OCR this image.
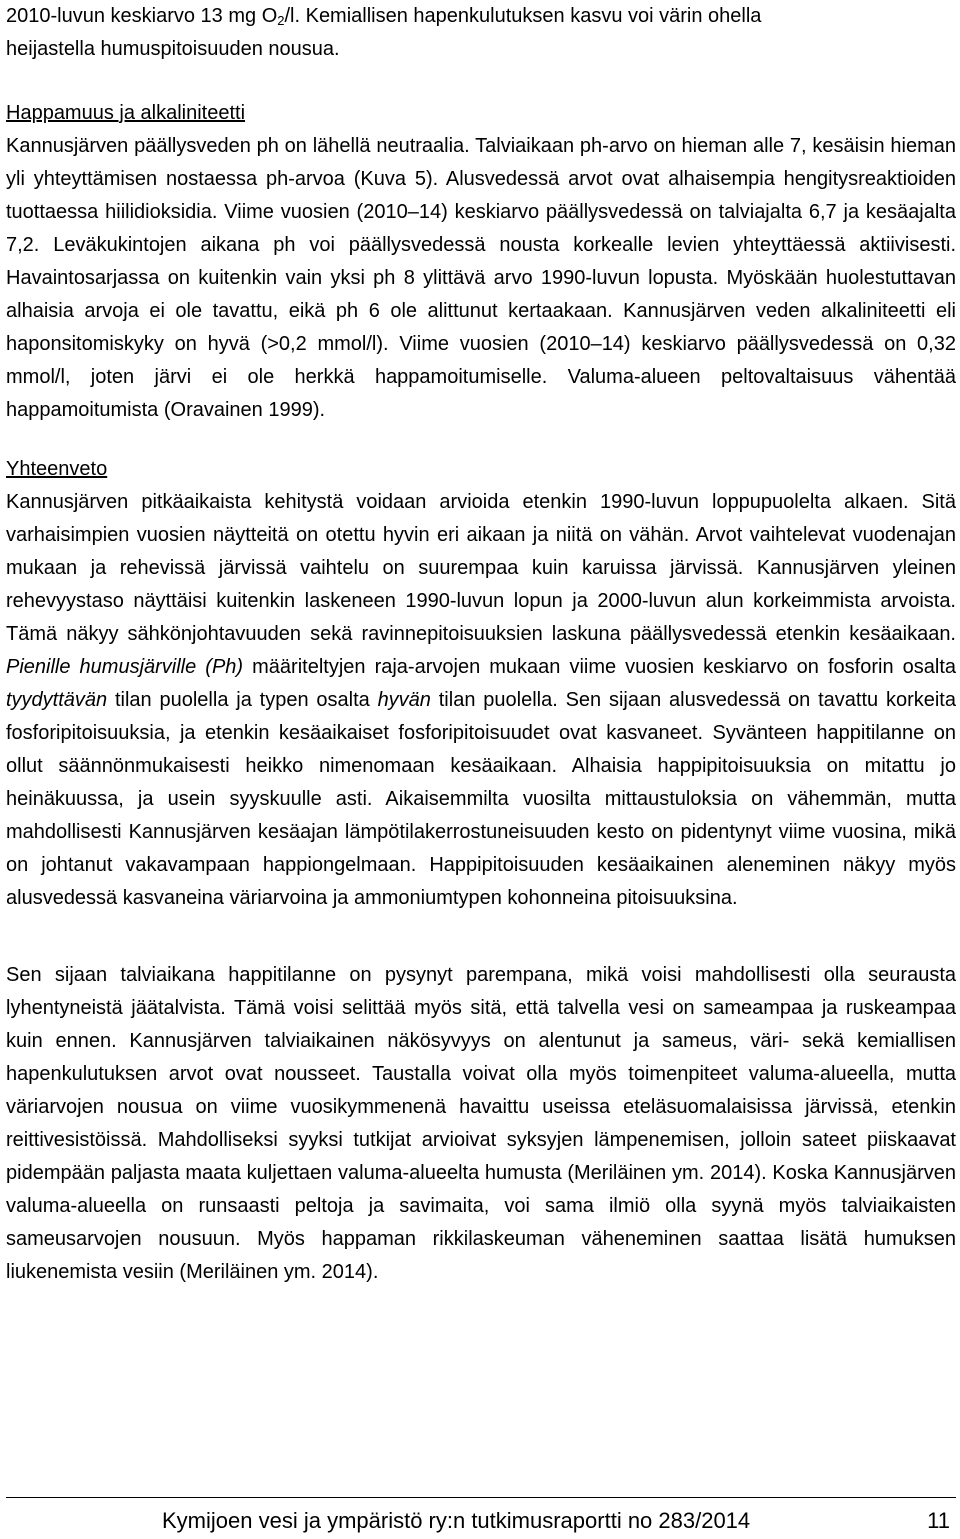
2010-luvun keskiarvo 13 mg $O_2/l$. Kemiallisen hapenkulutuksen kasvu voi värin ohella
heijastella humuspitoisuuden nousua.

Happamuus ja alkaliniteetti

Kannusjärven päällysveden ph on lähellä neutraalia. Talviaikaan ph-arvo on hieman alle 7, kesäisin hieman yli yhteyttämisen nostaessa ph-arvoa (Kuva 5). Alusvedessä arvot ovat alhaisempia hengitysreaktioiden tuottaessa hiilidioksidia. Viime vuosien (2010–14) keskiarvo päällysvedessä on talviajalta 6,7 ja kesäajalta 7,2. Leväkukintojen aikana ph voi päällysvedessä nousta korkealle levien yhteyttäessä aktiivisesti. Havaintosarjassa on kuitenkin vain yksi ph 8 ylittävä arvo 1990-luvun lopusta. Myöskään huolestuttavan alhaisia arvoja ei ole tavattu, eikä ph 6 ole alittunut kertaakaan. Kannusjärven veden alkaliniteetti eli haponsitomiskyky on hyvä (>0,2 mmol/l). Viime vuosien (2010–14) keskiarvo päällysvedessä on 0,32 mmol/l, joten järvi ei ole herkkä happamoitumiselle. Valuma-alueen peltovaltaisuus vähentää happamoitumista (Oravainen 1999).

Yhteenveto

Kannusjärven pitkäaikaista kehitystä voidaan arvioida etenkin 1990-luvun loppupuolelta alkaen. Sitä varhaisimpien vuosien näytteitä on otettu hyvin eri aikaan ja niitä on vähän. Arvot vaihtelevat vuodenajan mukaan ja rehevissä järvissä vaihtelu on suurempaa kuin karuissa järvissä. Kannusjärven yleinen rehevyystaso näyttäisi kuitenkin laskeneen 1990-luvun lopun ja 2000-luvun alun korkeimmista arvoista. Tämä näkyy sähkönjohtavuuden sekä ravinnepitoisuuksien laskuna päällysvedessä etenkin kesäaikaan. Pienille humusjärville (Ph) määriteltyjen raja-arvojen mukaan viime vuosien keskiarvo on fosforin osalta tyydyttävän tilan puolella ja typen osalta hyvän tilan puolella. Sen sijaan alusvedessä on tavattu korkeita fosforipitoisuuksia, ja etenkin kesäaikaiset fosforipitoisuudet ovat kasvaneet. Syvänteen happitilanne on ollut säännönmukaisesti heikko nimenomaan kesäaikaan. Alhaisia happipitoisuuksia on mitattu jo heinäkuussa, ja usein syyskuulle asti. Aikaisemmilta vuosilta mittaustuloksia on vähemmän, mutta mahdollisesti Kannusjärven kesäajan lämpötilakerrostuneisuuden kesto on pidentynyt viime vuosina, mikä on johtanut vakavampaan happiongelmaan. Happipitoisuuden kesäaikainen aleneminen näkyy myös alusvedessä kasvaneina väriarvoina ja ammoniumtypen kohonneina pitoisuuksina.

Sen sijaan talviaikana happitilanne on pysynyt parempana, mikä voisi mahdollisesti olla seurausta lyhentyneistä jäätalvista. Tämä voisi selittää myös sitä, että talvella vesi on sameampaa ja ruskeampaa kuin ennen. Kannusjärven talviaikainen näkösyvyys on alentunut ja sameus, väri- sekä kemiallisen hapenkulutuksen arvot ovat nousseet. Taustalla voivat olla myös toimenpiteet valuma-alueella, mutta väriarvojen nousua on viime vuosikymmenenä havaittu useissa eteläsuomalaisissa järvissä, etenkin reittivesistöissä. Mahdolliseksi syyksi tutkijat arvioivat syksyjen lämpenemisen, jolloin sateet piiskaavat pidempään paljasta maata kuljettaen valuma-alueelta humusta (Meriläinen ym. 2014). Koska Kannusjärven valuma-alueella on runsaasti peltoja ja savimaita, voi sama ilmiö olla syynä myös talviaikaisten sameusarvojen nousuun. Myös happaman rikkilaskeuman väheneminen saattaa lisätä humuksen liukenemista vesiin (Meriläinen ym. 2014).

Kymijoen vesi ja ympäristö ry:n tutkimusraportti no 283/2014	11
